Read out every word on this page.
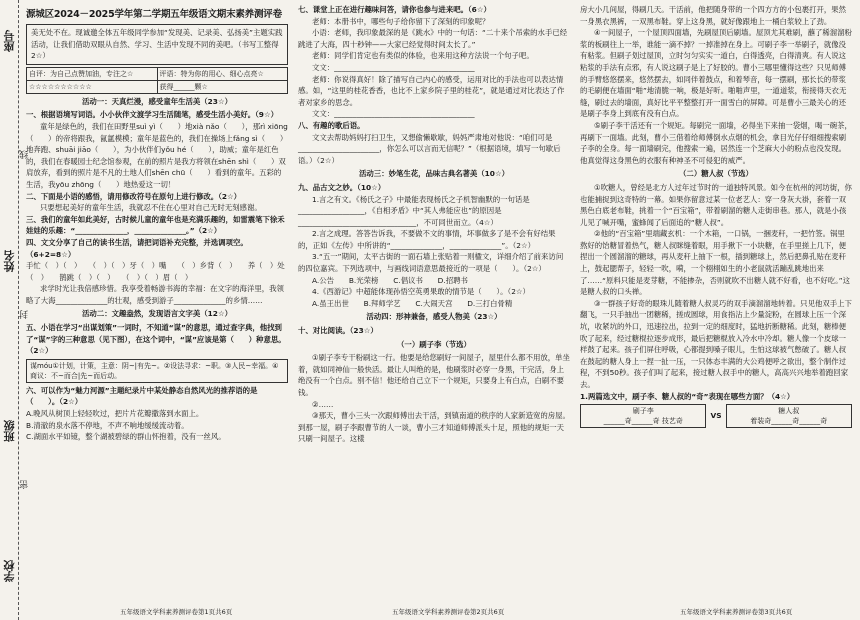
座号
姓名
班级
学校
线
封
密
源城区2024－2025学年第二学期五年级语文期末素养测评卷
美无处不在。现诚邀全体五年级同学参加“发现美、记录美、弘扬美”主题实践活动，让我们借助双眼从自然、学习、生活中发现不同的美吧。（书写工整得2☆）
自评：为自己点赞加油，专注之☆	评语：特为你的用心、细心点亮☆
☆☆☆☆☆☆☆☆☆☆	获得______颗☆
活动一：天真烂漫，感受童年生活美（23☆）

一、根据语境写词语。小小伙伴文渡学习生活随笔，感受生活小美好。（9☆）

童年是绿色的，我们在田野里suì yì（　　）地xià nǎo（　　），那rì xiōng（　　）的帝将跟我，氤氲模模；童年是蓝色的，我们在操场上fǎng sì（　　）地奔跑、shuāi jiāo（　　），为小伙伴们yǒu hé（　　），助威；童年是红色的，我们在春暖园士纪念馆参观，在前的照片是我方将领在shēn shì（　　）双肩放弃，看到的照片是不凡的土地人们shēn chū（　　）看到的童年。五彩的生活，我yōu zhōng（　　）地热爱这一切！

二、下面是小语的感悟，请用修改符号在原句上进行修改。（2☆）

只要想起美好的童年生活，我就忍不住在心里对自己无时无刻感谢。

三、我们的童年如此美好，古时候儿童的童年也是充满乐趣的，如雷震笔下徐禾娃娃的乐趣：“______________，______________。”（2☆）

四、文文分享了自己的读书生活，请把词语补充完整，并选调项空。（6+2=8☆）

手忙（　）（　）　　（　）（　）牙（　）嘴　　（　）乡背（　）　　养（　）处（　）　　鹊跳（　）（　）　　（　）（　）眉（　）

求学时光让我倍感珍惜。我享受着畅游书海的幸福：在文字的海洋里，我领略了大海______________的壮观，感受到游子______________的乡情……

活动二：文趣盎然，发现语言文字美（12☆）

五、小语在学习“出谋划策”一词时，不知道“谋”的意思，通过查字典，他找到了“谋”字的三种意思（见下图），在这个词中，“谋”应该是第（　　）种意思。（2☆）

谋móu①计划，计策，主意：阴~|有先~。②设法寻求：~职。③人民~幸福。④商议：不~而合|先~而后动。

六、可以作为“魅力河源”主题纪录片中某处静态自然风光的推荐语的是（　　）。（2☆）

A.晚风从树顶上轻轻吹过，把片片花瓣撒落到水面上。

B.清澈的泉水落不停地，不声不响地缓缓流动着。

C.湖面水平如镜，整个湖被碧绿的群山怀抱着，没有一丝风。

七、课堂上正在进行趣味问答，请你也参与进来吧。（6☆）

老师：本册书中，哪些句子给你留下了深刻的印象呢？

小语：老师，我印象最深的是《跳水》中的一句话：“二十来个吊索的水手已经跳进了大海，四十秒钟——大家已经觉得时间太长了。”

老师：同学们肯定也有类似的体验，也来用这种方法说一个句子吧。

文文：______________________________________

老师：你说得真好！除了描写自己内心的感受，运用对比的手法也可以表达情感。如，“这里的桂花香香，也比不上家乡院子里的桂花”，就是通过对比表达了作者对家乡的思念。

文文：______________________________________

八、有趣的歌后语。

文文去帮助妈妈打扫卫生，又想偷懒歇歇，妈妈严肃地对他说：“咱们可是______________________，你怎么可以言而无信呢？”（根据语境，填写一句歇后语。）（2☆）

活动三：妙笔生花，品味古典名著美（10☆）

九、品古文之妙。（10☆）

1.言之有文。《杨氏之子》中最能表现杨氏之子机智幽默的一句话是__________________，《自相矛盾》中“其人弗能应也”的原因是________________________________，不可同世而立。（4☆）

2.言之成理。答答告诉我，不要做不文的事情，坏事做多了是不会有好结果的，正如《左传》中所讲的“______________，______________”。（2☆）

3.“五一”期间，太平古街的一面石墙上张贴着一则楹文，详细介绍了前来访问的四位嘉宾。下列选项中，与画线词语意思最接近的一项是（　　）。（2☆）

A.公告　　B.光荣榜　　C.倡议书　　D.招聘书

4.《西游记》中超能体现孙悟空英勇果敢的情节是（　　）。（2☆）

A.虽王出世　　B.拜师学艺　　C.大闹天宫　　D.三打白骨精

活动四：形神兼备，感受人物美（23☆）

十、对比阅读。（23☆）

（一）刷子李（节选）

①刷子李专干粉刷这一行。他要是给您刷好一间屋子，屋里什么都不用放，单坐着，就如同神仙一般快活。最让人叫绝的是，他刷浆时必穿一身黑，干完活，身上绝没有一个白点。别不信！他还给自己立下一个规矩，只要身上有白点，白刷不要钱。

②……

③那天，曹小三头一次跟师傅出去干活，到镇南道的秩序的人家新造宽的房屋。到那一屋，刷子李跟曹节的人一谈，曹小三才知道师傅派头十足，照他的规矩一天只刷一间屋子。这樣

房大小几间屋，得刷几天。干活前，他把随身带的一个四方方的小包裹打开，果然一身黑衣黑裤，一双黑布鞋。穿上这身黑，就好像跟地上一桶白浆较上了劲。

④一间屋子，一个屋顶四面墙，先刷屋顶后刷墙。屋顶尤其难刷，蘸了稀溜溜粉浆的板刷往上一举，谁能一滴不掉？一掉准掉在身上。可刷子李一举刷子，就像没有粘浆。但刷子划过屋顶，立时匀匀实实一道白，白得透亮，白得清爽。有人说这粘浆的手法有点邪，有人说这刷子是上了好胶的。曹小三哪里懂得这些？只见师傅的手臂悠悠摆来，悠然摆去，如同伴着鼓点，和着琴音，每一摆刷，那长长的带浆的毛刷便在墙面“啪”地清脆一响，极是好听。啪啪声里，一道道浆，衔接得天衣无缝，刷过去的墙面，真好比平平整整打开一面雪白的屏障。可是曹小三最关心的还是刷子李身上到底有没有白点。

⑤刷子李干活还有一个规矩。每刷完一面墙，必得坐下来抽一袋烟，喝一碗茶，再刷下一面墙。此刻，曹小三借着给师傅倒水点烟的机会，拿目光仔仔细细搜索刷子李的全身。每一面墙刷完，他搜索一遍，居然连一个芝麻大小的粉点也没发现。他真觉得这身黑色的衣服有种神圣不可侵犯的威严。

（二）糖人叔（节选）

①吹糖人，曾经是北方人过年过节时的一道独特风景。如今在杭州的河坊街，你也能捕捉到这奇特的一幕。如果你留意过某一位老艺人：穿一身灰大褂，套着一双黑色白底老布鞋，挑着一个“百宝箱”，带着刷溜的糖人走街串巷。那人，就是小孩儿见了喊开嘴，蜜蜂闻了后面追的“糖人叔”。

②他的“百宝箱”里端藏玄机：一个木箱，一口锅，一捆麦秆，一把竹签。锅里熬好的饴糖冒着热气，糖人叔眯缝着眼，用手揪下一小块糖，在手里搓上几下，便捏出一个圆溜溜的糖球，再从麦秆上抽下一根，插到糖球上，然后把鼻孔贴在麦秆上，鼓起腮帮子，轻轻一吹，嗬，一个栩栩如生的小老鼠就活蹦乱跳地出来了……“原料只能是麦芽糖，不能掺杂，否则就吹不出糖人就不好看，也不好吃。”这是糖人叔的口头禅。

③一群孩子好奇的眼珠儿随着糖人叔灵巧的双手滴溜溜地转着。只见他双手上下翻飞，一只手抽出一团糖稀，搓成圆球，用食指沾上少量淀粉，在圆球上压一个深坑，收紧坑的外口，迅速拉出，拉到一定的细度时，猛地折断糖稀。此刻，糖棒便吹了起来，经过糖棍拉逐步成形，最后把糖棍放入冷水中冷却。糖人像一个皮球一样鼓了起来。孩子们屏住呼吸，心都提到嗓子眼儿，生怕这球被气憋破了。糖人叔在鼓起的糖人身上一捏一扯一压，一只体态丰满的大公鸡便呼之欲出，整个制作过程，不到50秒。孩子们叫了起来，接过糖人叔手中的糖人，高高兴兴地举着跑回家去。

1.两篇选文中，刷子李、糖人叔的“奇”表现在哪些方面？（4☆）

刷子李
______奇______奇 技艺奇
VS
糖人叔
着装奇______奇______奇
五年级语文学科素养测评卷第1页共6页	五年级语文学科素养测评卷第2页共6页	五年级语文学科素养测评卷第3页共6页
